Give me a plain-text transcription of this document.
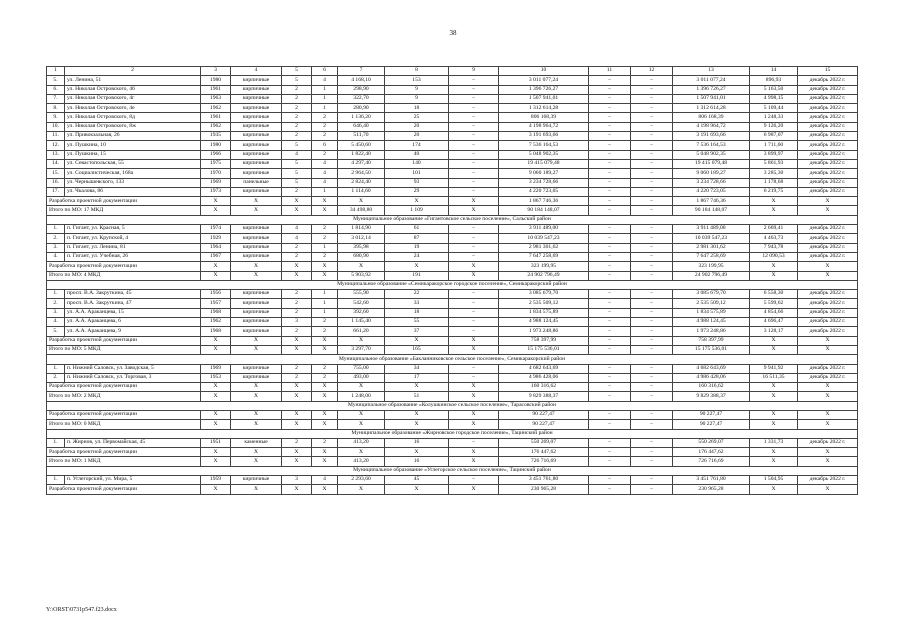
38
1	2	3	4	5	6	7	8	9	10	11	12	13	14	15
5.	ул. Ленина, 51	1980	кирпичные	5	4	4 168,10	153	–	3 011 077,24	–	–	3 011 077,24	896,93	декабрь 2022 г.
6.	ул. Николая Островского, 46	1961	кирпичные	2	1	298,90	9	–	1 396 726,27	–	–	1 396 726,27	5 163,50	декабрь 2022 г.
7.	ул. Николая Островского, 4г	1963	кирпичные	2	1	322,70	9	–	1 507 941,01	–	–	1 507 941,01	4 998,15	декабрь 2022 г.
8.	ул. Николая Островского, 4е	1962	кирпичные	2	1	280,90	18	–	1 312 614,28	–	–	1 312 614,28	5 109,44	декабрь 2022 г.
9.	ул. Николая Островского, 8д	1961	кирпичные	2	2	1 136,20	25	–	806 168,39	–	–	806 168,39	1 248,33	декабрь 2022 г.
10.	ул. Николая Островского, 8ж	1962	кирпичные	2	2	646,40	20	–	4 198 964,72	–	–	4 198 964,72	9 126,20	декабрь 2022 г.
11.	ул. Привокзальная, 26	1935	кирпичные	2	2	511,70	20	–	3 191 693,66	–	–	3 191 693,66	6 987,07	декабрь 2022 г.
12.	ул. Пушкина, 10	1980	кирпичные	5	6	5 450,60	174	–	7 536 164,53	–	–	7 536 164,53	1 711,60	декабрь 2022 г.
13.	ул. Пушкина, 15	1966	кирпичные	4	2	1 822,40	40	–	5 048 902,35	–	–	5 048 902,35	3 899,97	декабрь 2022 г.
14.	ул. Севастопольская, 55	1975	кирпичные	5	4	4 297,40	140	–	19 415 079,48	–	–	19 415 079,48	5 861,93	декабрь 2022 г.
15.	ул. Социалистическая, 168а	1970	кирпичные	5	4	2 964,50	101	–	9 060 189,27	–	–	9 060 189,27	3 285,30	декабрь 2022 г.
16.	ул. Чернышевского, 133	1969	панельные	5	4	2 824,40	93	–	3 234 728,66	–	–	3 234 728,66	1 178,68	декабрь 2022 г.
17.	ул. Чкалова, 86	1973	кирпичные	2	1	1 114,60	29	–	4 220 723,05	–	–	4 220 723,05	6 219,75	декабрь 2022 г.
Разработка проектной документации		X	X	X	X	X	X	X	1 867 746,36	–	–	1 867 746,36	X	X
Итого по МО: 17 МКД		X	X	X	X	34 498,80	1 109	X	90 184 148,07	–	–	90 184 148,07	X	X
Муниципальное образование «Гигантовское сельское поселение», Сальский район														
1.	п. Гигант, ул. Красная, 5	1974	кирпичные	4	2	1 814,90	61	–	3 911 489,00	–	–	3 911 489,00	2 669,41	декабрь 2022 г.
2.	п. Гигант, ул. Крупской, 4	1929	кирпичные	4	2	3 012,14	87	–	10 039 547,23	–	–	10 039 547,23	4 463,73	декабрь 2022 г.
3.	п. Гигант, ул. Ленина, 81	1964	кирпичные	2	1	395,98	19	–	2 981 301,62	–	–	2 981 301,62	7 943,78	декабрь 2022 г.
4.	п. Гигант, ул. Учебная, 26	1967	кирпичные	2	2	680,90	24	–	7 647 258,69	–	–	7 647 258,69	12 090,53	декабрь 2022 г.
Разработка проектной документации		X	X	X	X	X	X	X	323 199,95	–	–	323 199,95	X	X
Итого по МО: 4 МКД		X	X	X	X	5 903,92	191	X	24 902 796,49	–	–	24 902 796,49	X	X
Муниципальное образование «Семикаракорское городское поселение», Семикаракорский район														
1.	просп. В.А. Закруткина, 45	1956	кирпичные	2	1	555,90	22	–	3 085 679,70	–	–	3 085 679,70	6 558,30	декабрь 2022 г.
2.	просп. В.А. Закруткина, 47	1957	кирпичные	2	1	542,60	33	–	2 535 509,12	–	–	2 535 509,12	5 599,62	декабрь 2022 г.
3.	ул. А.А. Араканцева, 15	1968	кирпичные	2	1	392,60	18	–	1 834 575,89	–	–	1 834 575,89	4 854,66	декабрь 2022 г.
4.	ул. А.А. Араканцева, 6	1962	кирпичные	3	2	1 145,40	55	–	4 988 124,45	–	–	4 988 124,45	4 696,47	декабрь 2022 г.
5.	ул. А.А. Араканцева, 9	1968	кирпичные	2	2	661,20	37	–	1 973 248,86	–	–	1 973 248,86	3 128,17	декабрь 2022 г.
Разработка проектной документации		X	X	X	X	X	X	X	758 397,99	–	–	758 397,99	X	X
Итого по МО: 5 МКД		X	X	X	X	3 297,70	165	X	15 175 536,01	–	–	15 175 536,01	X	X
Муниципальное образование «Бакланниковское сельское поселение», Семикаракорский район														
1.	п. Нижний Саловск, ул. Заводская, 5	1969	кирпичные	2	2	755,00	34	–	4 682 643,69	–	–	4 682 643,69	9 941,92	декабрь 2022 г.
2.	п. Нижний Саловск, ул. Торговая, 3	1953	кирпичные	2	2	493,00	17	–	4 986 428,06	–	–	4 986 428,06	16 511,35	декабрь 2022 г.
Разработка проектной документации		X	X	X	X	X	X	X	160 316,62	–	–	160 316,62	X	X
Итого по МО: 2 МКД		X	X	X	X	1 248,00	51	X	9 829 388,37	–	–	9 829 388,37	X	X
Муниципальное образование «Колушкинское сельское поселение», Тарасовский район														
Разработка проектной документации		X	X	X	X	X	X	X	90 227,47	–	–	90 227,47	X	X
Итого по МО: 0 МКД		X	X	X	X	X	X	X	90 227,47	–	–	90 227,47	X	X
Муниципальное образование «Жирновское городское поселение», Тацинский район														
1.	п. Жирнов, ул. Первомайская, 45	1951	каменные	2	2	413,20	16	–	550 269,07	–	–	550 269,07	1 331,73	декабрь 2022 г.
Разработка проектной документации		X	X	X	X	X	X	X	176 447,62	–	–	176 447,62	X	X
Итого по МО: 1 МКД		X	X	X	X	413,20	16	X	726 716,69	–	–	726 716,69	X	X
Муниципальное образование «Углегорское сельское поселение», Тацинский район														
1.	п. Углегорский, ул. Мира, 5	1959	кирпичные	3	4	2 293,60	45	–	3 451 761,80	–	–	3 451 761,80	1 504,95	декабрь 2022 г.
Разработка проектной документации		X	X	X	X	X	X	X	230 965,28	–	–	230 965,28	X	X
Y:\ORST\0731p547.f23.docx
